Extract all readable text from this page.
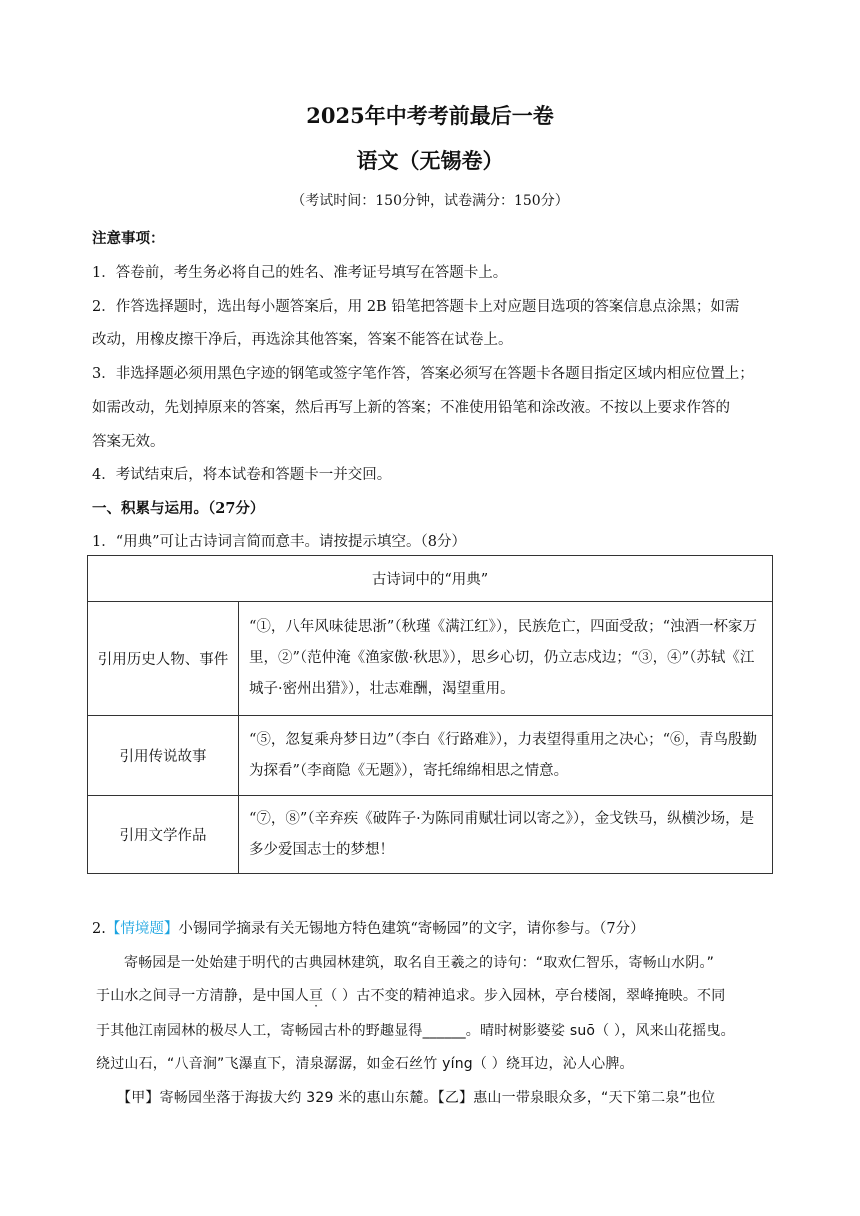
2025年中考考前最后一卷
语文（无锡卷）
（考试时间：150分钟，试卷满分：150分）
注意事项：
1．答卷前，考生务必将自己的姓名、准考证号填写在答题卡上。
2．作答选择题时，选出每小题答案后，用 2B 铅笔把答题卡上对应题目选项的答案信息点涂黑；如需
改动，用橡皮擦干净后，再选涂其他答案，答案不能答在试卷上。
3．非选择题必须用黑色字迹的钢笔或签字笔作答，答案必须写在答题卡各题目指定区域内相应位置上；
如需改动，先划掉原来的答案，然后再写上新的答案；不准使用铅笔和涂改液。不按以上要求作答的
答案无效。
4．考试结束后，将本试卷和答题卡一并交回。
一、积累与运用。（27分）
1．“用典”可让古诗词言简而意丰。请按提示填空。（8分）
古诗词中的“用典”	
引用历史人物、事件	“①，八年风味徒思浙”（秋瑾《满江红》），民族危亡，四面受敌；“浊酒一杯家万里，②”（范仲淹《渔家傲·秋思》），思乡心切，仍立志戍边；“③，④”（苏轼《江城子·密州出猎》），壮志难酬，渴望重用。
引用传说故事	“⑤，忽复乘舟梦日边”（李白《行路难》），力表望得重用之决心；“⑥，青鸟殷勤为探看”（李商隐《无题》），寄托绵绵相思之情意。
引用文学作品	“⑦，⑧”（辛弃疾《破阵子·为陈同甫赋壮词以寄之》），金戈铁马，纵横沙场，是多少爱国志士的梦想！
2.【情境题】小锡同学摘录有关无锡地方特色建筑“寄畅园”的文字，请你参与。（7分）
寄畅园是一处始建于明代的古典园林建筑，取名自王羲之的诗句：“取欢仁智乐，寄畅山水阴。”
于山水之间寻一方清静，是中国人亘（ ）古不变的精神追求。步入园林，亭台楼阁，翠峰掩映。不同
于其他江南园林的极尽人工，寄畅园古朴的野趣显得______。晴时树影婆娑 suō（ ），风来山花摇曳。
绕过山石，“八音涧”飞瀑直下，清泉潺潺，如金石丝竹 yíng（ ）绕耳边，沁人心脾。
【甲】寄畅园坐落于海拔大约 329 米的惠山东麓。【乙】惠山一带泉眼众多，“天下第二泉”也位
